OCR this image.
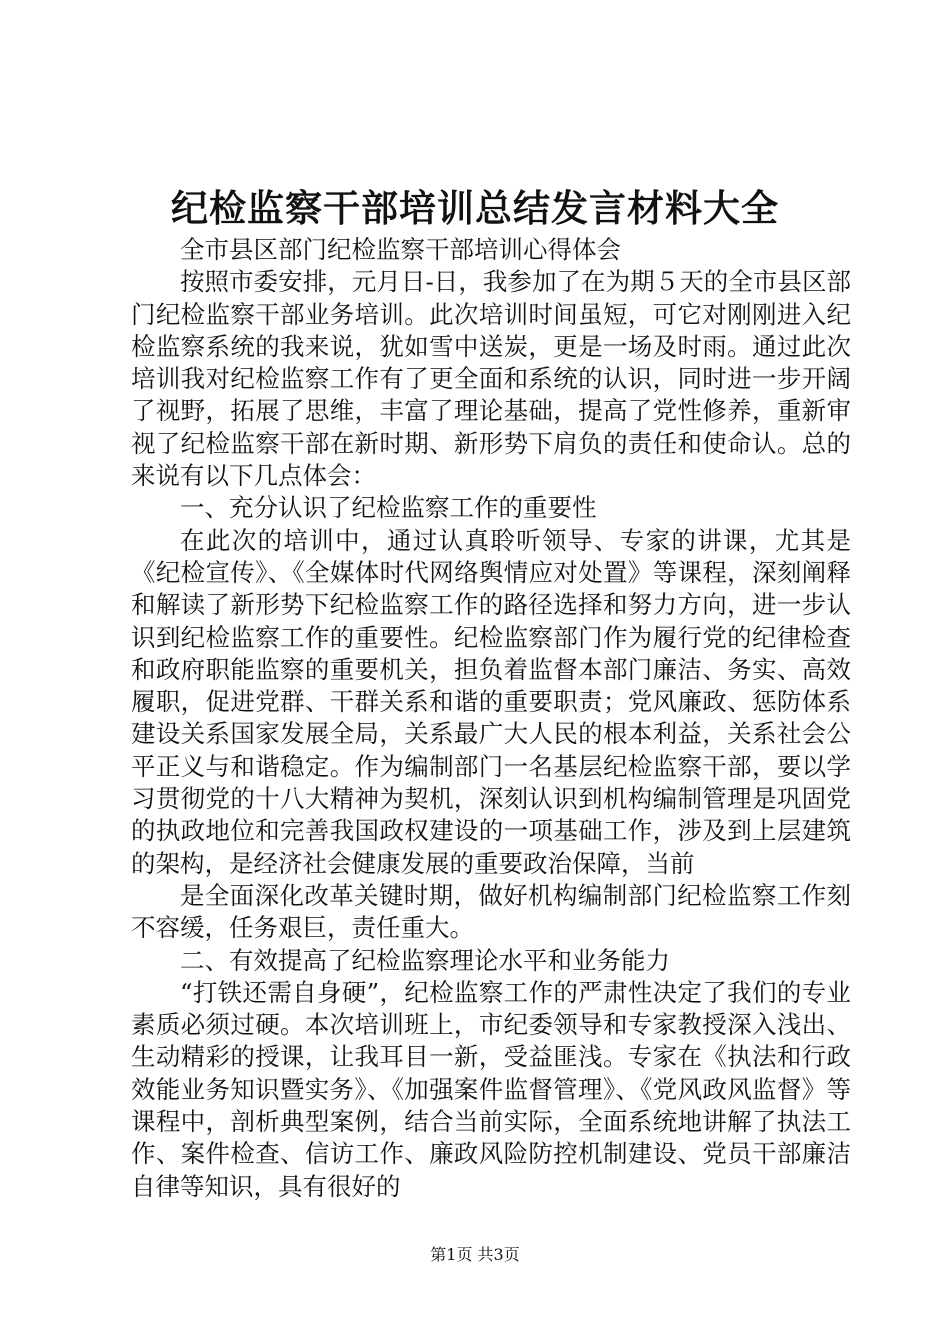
纪检监察干部培训总结发言材料大全

全市县区部门纪检监察干部培训心得体会

按照市委安排，元月日-日，我参加了在为期５天的全市县区部门纪检监察干部业务培训。此次培训时间虽短，可它对刚刚进入纪检监察系统的我来说，犹如雪中送炭，更是一场及时雨。通过此次培训我对纪检监察工作有了更全面和系统的认识，同时进一步开阔了视野，拓展了思维，丰富了理论基础，提高了党性修养，重新审视了纪检监察干部在新时期、新形势下肩负的责任和使命认。总的来说有以下几点体会：

一、充分认识了纪检监察工作的重要性

在此次的培训中，通过认真聆听领导、专家的讲课，尤其是《纪检宣传》、《全媒体时代网络舆情应对处置》等课程，深刻阐释和解读了新形势下纪检监察工作的路径选择和努力方向，进一步认识到纪检监察工作的重要性。纪检监察部门作为履行党的纪律检查和政府职能监察的重要机关，担负着监督本部门廉洁、务实、高效履职，促进党群、干群关系和谐的重要职责；党风廉政、惩防体系建设关系国家发展全局，关系最广大人民的根本利益，关系社会公平正义与和谐稳定。作为编制部门一名基层纪检监察干部，要以学习贯彻党的十八大精神为契机，深刻认识到机构编制管理是巩固党的执政地位和完善我国政权建设的一项基础工作，涉及到上层建筑的架构，是经济社会健康发展的重要政治保障，当前

是全面深化改革关键时期，做好机构编制部门纪检监察工作刻不容缓，任务艰巨，责任重大。

二、有效提高了纪检监察理论水平和业务能力

“打铁还需自身硬”，纪检监察工作的严肃性决定了我们的专业素质必须过硬。本次培训班上，市纪委领导和专家教授深入浅出、生动精彩的授课，让我耳目一新，受益匪浅。专家在《执法和行政效能业务知识暨实务》、《加强案件监督管理》、《党风政风监督》等课程中，剖析典型案例，结合当前实际，全面系统地讲解了执法工作、案件检查、信访工作、廉政风险防控机制建设、党员干部廉洁自律等知识，具有很好的

第1页 共3页
